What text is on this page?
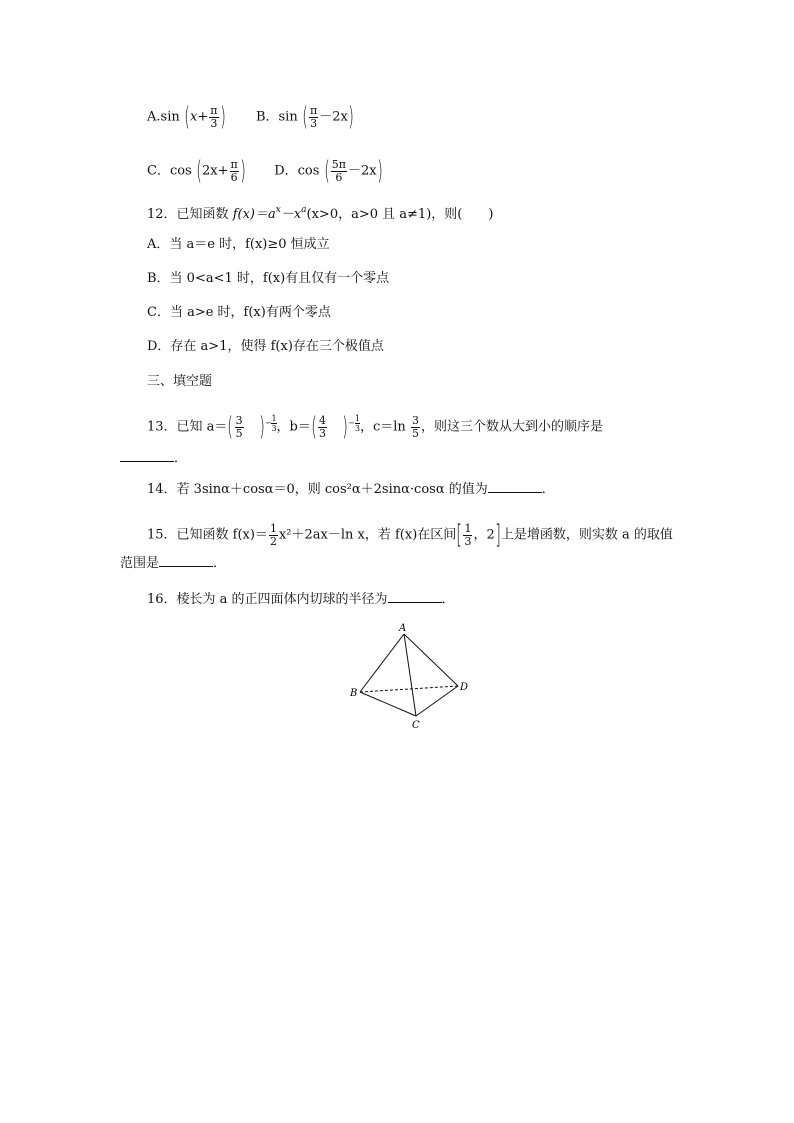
A.sin ($x+ \frac{\pi}{3}$ ) B．sin ( $\frac{\pi}{3} -2x$)
C．$\cos (2x+ \frac{\pi}{6}$ ) D．cos ( $\frac{5\pi}{6} -2x$)
12．已知函数 $f(x)=a^x-x^a(x>0$，a>0 且 a≠1)，则(　　)
A．当 a＝e 时，f(x)≥0 恒成立
B．当 0<a<1 时，f(x)有且仅有一个零点
C．当 a>e 时，f(x)有两个零点
D．存在 a>1，使得 f(x)存在三个极值点
三、填空题
13．已知 $a=( \frac{3}{5}$ )− $\frac{1}{3}$ ，$b=( \frac{4}{3}$ )− $\frac{1}{3}$ ，$c=\ln \frac{3}{5}$ ，则这三个数从大到小的顺序是
．
14．若 3sinα＋cosα＝0，则 cos²α＋2sinα·cosα 的值为	．
15．已知函数 $f(x)= \frac{1}{2} x^2+2ax-\ln$ x，若 f(x)在区间[ $\frac{1}{3}$ ，2]上是增函数，则实数 a 的取值
范围是	．
16．棱长为 a 的正四面体内切球的半径为	．
A
B
C
D
